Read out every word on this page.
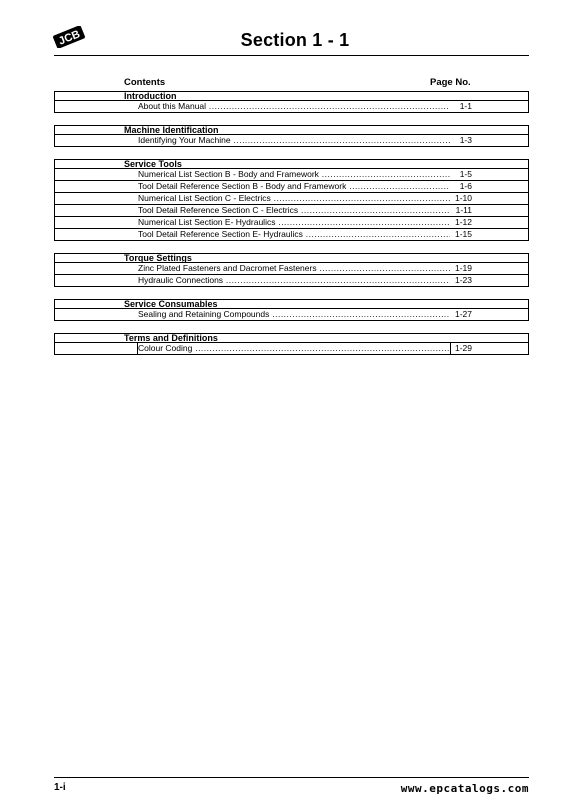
JCB	Section 1 - 1
Contents	Page No.
Introduction
About this Manual .....	1-1
Machine Identification
Identifying Your Machine .....	1-3
Service Tools
Numerical List Section B - Body and Framework .....	1-5
Tool Detail Reference Section B - Body and Framework .....	1-6
Numerical List Section C - Electrics .....	1-10
Tool Detail Reference Section C - Electrics .....	1-11
Numerical List Section E- Hydraulics .....	1-12
Tool Detail Reference Section E- Hydraulics .....	1-15
Torque Settings
Zinc Plated Fasteners and Dacromet Fasteners .....	1-19
Hydraulic Connections .....	1-23
Service Consumables
Sealing and Retaining Compounds .....	1-27
Terms and Definitions
Colour Coding .....	1-29
1-i	www.epcatalogs.com
